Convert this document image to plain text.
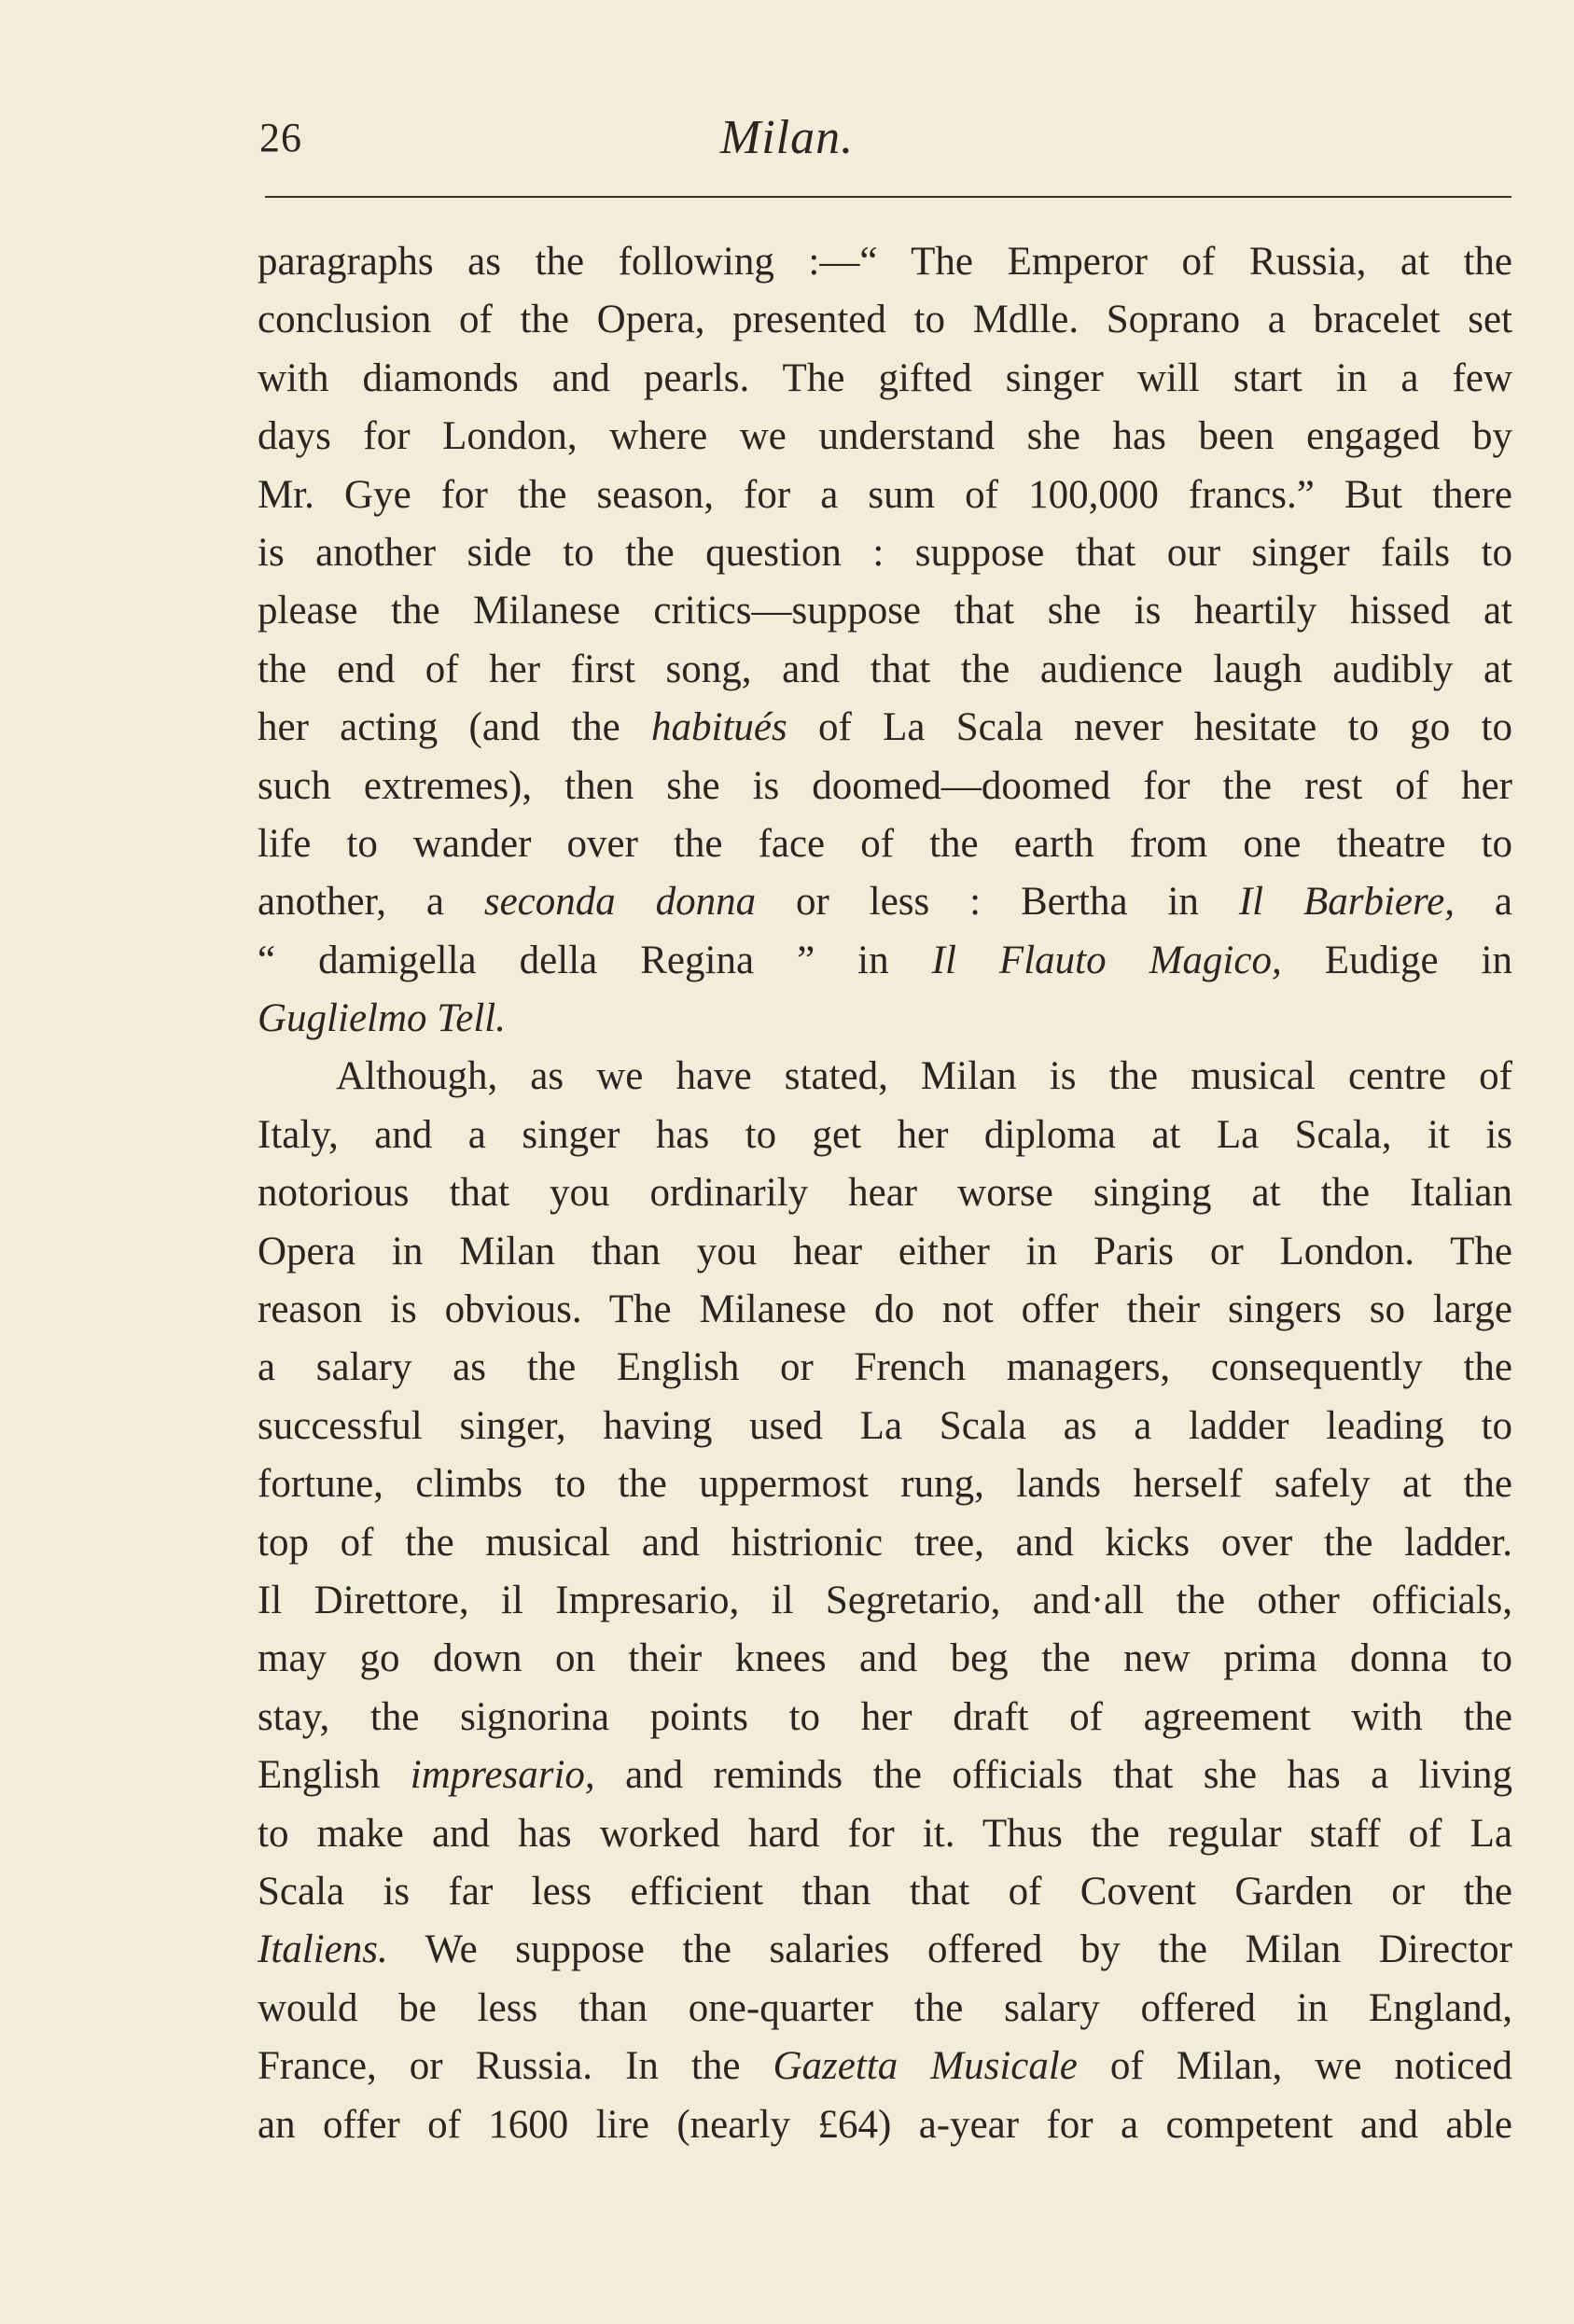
26	Milan.
paragraphs as the following :—“ The Emperor of Russia, at the
conclusion of the Opera, presented to Mdlle. Soprano a bracelet set
with diamonds and pearls. The gifted singer will start in a few
days for London, where we understand she has been engaged by
Mr. Gye for the season, for a sum of 100,000 francs.” But there
is another side to the question : suppose that our singer fails to
please the Milanese critics—suppose that she is heartily hissed at
the end of her first song, and that the audience laugh audibly at
her acting (and the habitués of La Scala never hesitate to go to
such extremes), then she is doomed—doomed for the rest of her
life to wander over the face of the earth from one theatre to
another, a seconda donna or less : Bertha in Il Barbiere, a
“ damigella della Regina ” in Il Flauto Magico, Eudige in
Guglielmo Tell.
Although, as we have stated, Milan is the musical centre of
Italy, and a singer has to get her diploma at La Scala, it is
notorious that you ordinarily hear worse singing at the Italian
Opera in Milan than you hear either in Paris or London. The
reason is obvious. The Milanese do not offer their singers so large
a salary as the English or French managers, consequently the
successful singer, having used La Scala as a ladder leading to
fortune, climbs to the uppermost rung, lands herself safely at the
top of the musical and histrionic tree, and kicks over the ladder.
Il Direttore, il Impresario, il Segretario, and·all the other officials,
may go down on their knees and beg the new prima donna to
stay, the signorina points to her draft of agreement with the
English impresario, and reminds the officials that she has a living
to make and has worked hard for it. Thus the regular staff of La
Scala is far less efficient than that of Covent Garden or the
Italiens. We suppose the salaries offered by the Milan Director
would be less than one-quarter the salary offered in England,
France, or Russia. In the Gazetta Musicale of Milan, we noticed
an offer of 1600 lire (nearly £64) a-year for a competent and able
